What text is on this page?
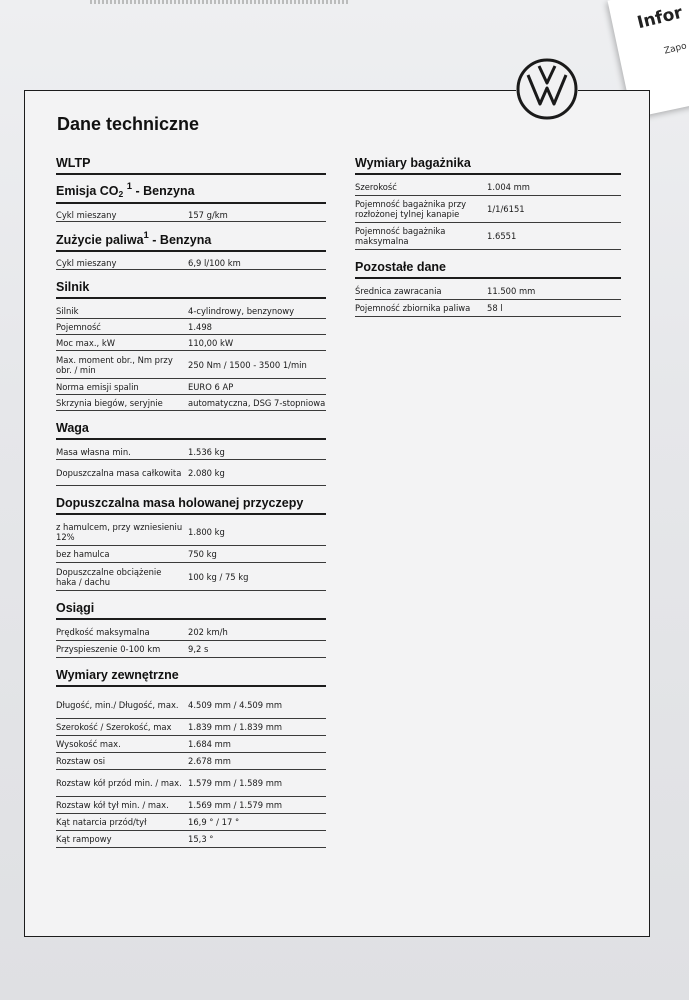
Infor
Zapo
Dane techniczne
WLTP
Emisja $CO_2$ $^1$ - Benzyna
Cykl mieszany	157 g/km
Zużycie paliwa$^1$ - Benzyna
Cykl mieszany	6,9 l/100 km
Silnik
Silnik	4-cylindrowy, benzynowy
Pojemność	1.498
Moc max., kW	110,00 kW
Max. moment obr., Nm przy obr. / min	250 Nm / 1500 - 3500 1/min
Norma emisji spalin	EURO 6 AP
Skrzynia biegów, seryjnie	automatyczna, DSG 7-stopniowa
Waga
Masa własna min.	1.536 kg
Dopuszczalna masa całkowita 2.080 kg
Dopuszczalna masa holowanej przyczepy
z hamulcem, przy wzniesieniu 12%	1.800 kg
bez hamulca	750 kg
Dopuszczalne obciążenie haka / dachu	100 kg / 75 kg
Osiągi
Prędkość maksymalna	202 km/h
Przyspieszenie 0-100 km	9,2 s
Wymiary zewnętrzne
Długość, min./ Długość, max.	4.509 mm / 4.509 mm
Szerokość / Szerokość, max	1.839 mm / 1.839 mm
Wysokość max.	1.684 mm
Rozstaw osi	2.678 mm
Rozstaw kół przód min. / max. 1.579 mm / 1.589 mm
Rozstaw kół tył min. / max.	1.569 mm / 1.579 mm
Kąt natarcia przód/tył	16,9 ° / 17 °
Kąt rampowy	15,3 °
Wymiary bagażnika
Szerokość	1.004 mm
Pojemność bagażnika przy rozłożonej tylnej kanapie	1/1/6151
Pojemność bagażnika maksymalna	1.6551
Pozostałe dane
Średnica zawracania	11.500 mm
Pojemność zbiornika paliwa	58 l
